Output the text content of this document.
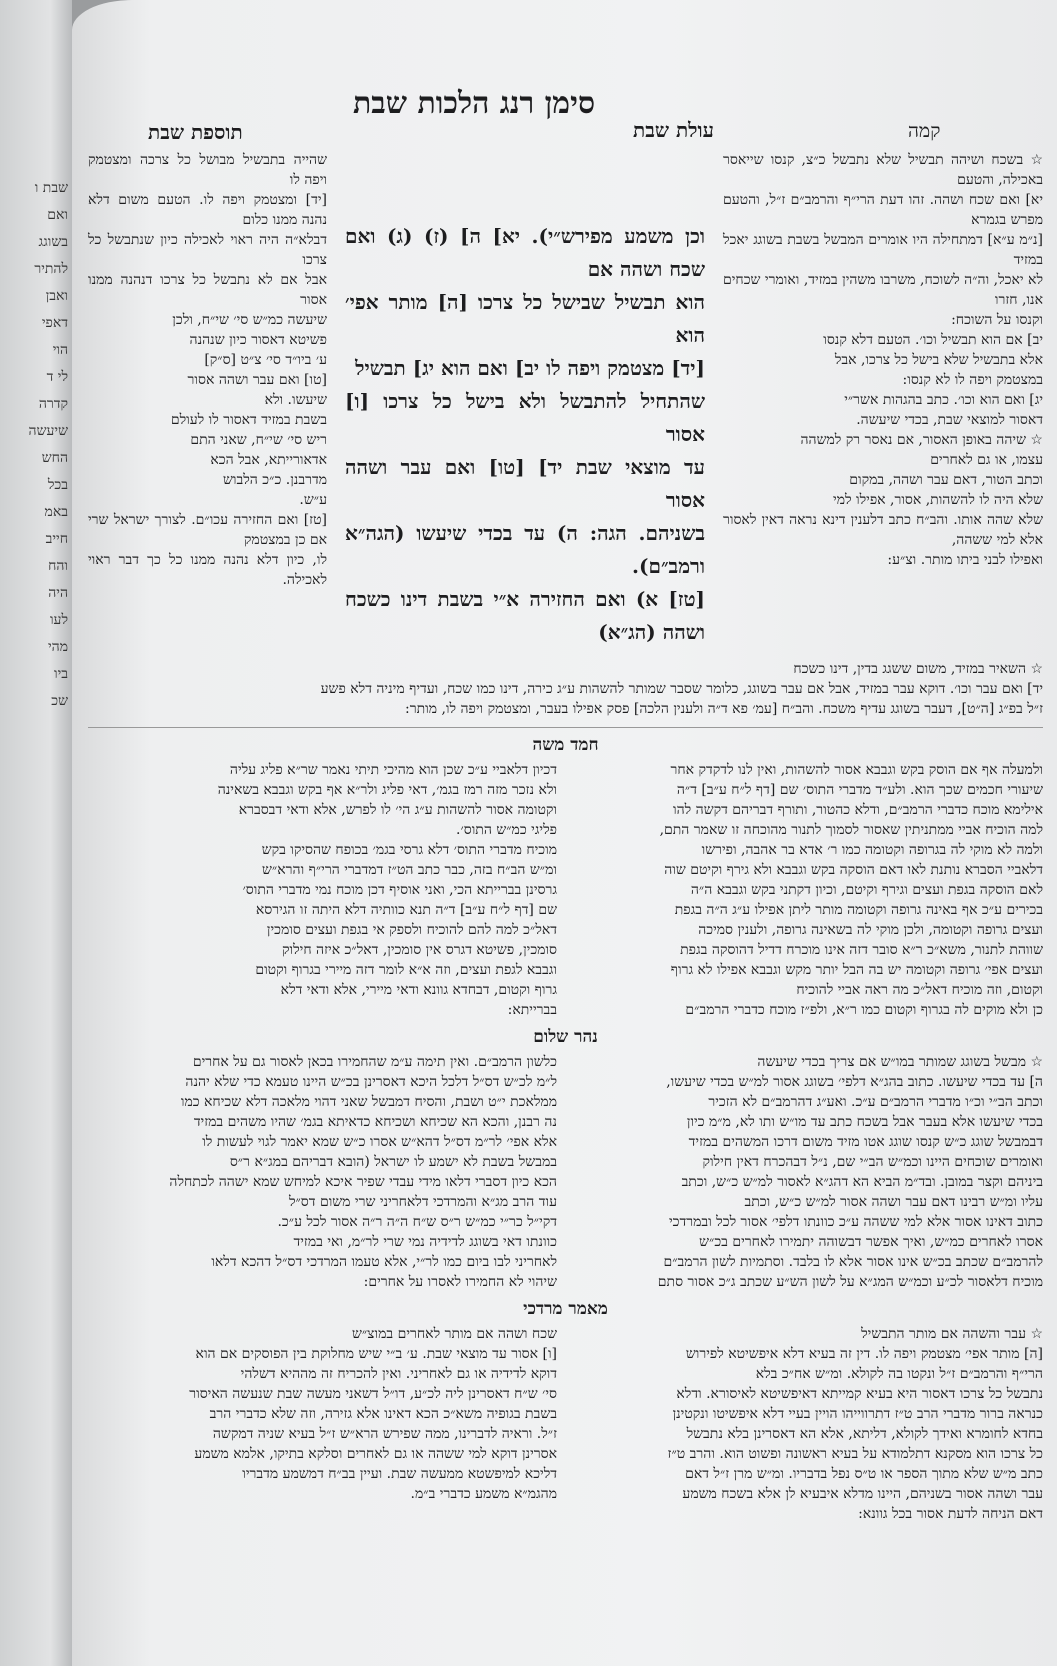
שבת ו
ואם
בשוגג
להתיר
ואבן
דאפי
הוי
לי ד
קדרה
שיעשה
החש
בכל
באמ
חייב
והח
היה
לעו
מהי
ביו
שכ
סימן רנג הלכות שבת
עולת שבת
תוספת שבת	קמה
☆ בשכח ושיהה תבשיל שלא נתבשל כ״צ, קנסו שייאסר באכילה, והטעם
יא] ואם שכח ושהה. זהו דעת הרי״ף והרמב״ם ז״ל, והטעם מפרש בגמרא
[נ״מ ע״א] דמתחילה היו אומרים המבשל בשבת בשוגג יאכל במזיד
לא יאכל, וה״ה לשוכח, משרבו משהין במזיד, ואומרי שכחים אנו, חזרו
וקנסו על השוכח:
יב] אם הוא תבשיל וכו׳. הטעם דלא קנסו
אלא בתבשיל שלא בישל כל צרכו, אבל
במצטמק ויפה לו לא קנסו:
יג] ואם הוא וכו׳. כתב בהגהות אשר״י
דאסור למוצאי שבת, בכדי שיעשה.
☆ שיהה באופן האסור, אם נאסר רק למשהה
עצמו, או גם לאחרים
וכתב הטור, דאם עבר ושהה, במקום
שלא היה לו להשהות, אסור, אפילו למי
שלא שהה אותו. והב״ח כתב דלענין דינא נראה דאין לאסור אלא למי ששהה,
ואפילו לבני ביתו מותר. וצ״ע:
וכן משמע מפירש״י). יא] ה] (ז) (ג) ואם שכח ושהה אם
הוא תבשיל שבישל כל צרכו [ה] מותר אפי׳ הוא
[יד] מצטמק ויפה לו יב] ואם הוא יג] תבשיל
שהתחיל להתבשל ולא בישל כל צרכו [ו] אסור
עד מוצאי שבת יד] [טו] ואם עבר ושהה אסור
בשניהם. הגה: ה) עד בכדי שיעשו (הגה״א ורמב״ם).
[טז] א) ואם החזירה א״י בשבת דינו כשכח ושהה (הג״א)
שהייה בתבשיל מבושל כל צרכה ומצטמק ויפה לו
[יד] ומצטמק ויפה לו. הטעם משום דלא נהנה ממנו כלום
דבלא״ה היה ראוי לאכילה כיון שנתבשל כל צרכו
אבל אם לא נתבשל כל צרכו דנהנה ממנו אסור
שיעשה כמ״ש סי׳ שי״ח, ולכן
פשיטא דאסור כיון שנהנה
ע׳ ביו״ד סי׳ צ״ט [ס״ק]
[טו] ואם עבר ושהה אסור
שיעשו. ולא
בשבת במזיד דאסור לו לעולם
ריש סי׳ שי״ח, שאני התם
אדאורייתא, אבל הכא
מדרבנן. כ״כ הלבוש
ע״ש.
[טז] ואם החזירה עכו״ם. לצורך ישראל שרי אם כן במצטמק
לו, כיון דלא נהנה ממנו כל כך דבר ראוי לאכילה.
☆ השאיר במזיד, משום ששגג בדין, דינו כשכח
יד] ואם עבר וכו׳. דוקא עבר במזיד, אבל אם עבר בשוגג, כלומר שסבר שמותר להשהות ע״ג כירה, דינו כמו שכח, ועדיף מיניה דלא פשע
ז״ל בפ״ג [ה״ט], דעבר בשוגג עדיף משכח. והב״ח [עמ׳ פא ד״ה ולענין הלכה] פסק אפילו בעבר, ומצטמק ויפה לו, מותר:
חמד משה
ולמעלה אף אם הוסק בקש וגבבא אסור להשהות, ואין לנו לדקדק אחר
שיעורי חכמים שכך הוא. ולע״ד מדברי התוס׳ שם [דף ל״ח ע״ב] ד״ה
אילימא מוכח כדברי הרמב״ם, ודלא כהטור, ותורף דבריהם דקשה להו
למה הוכיח אביי ממתניתין שאסור לסמוך לתנור מהוכחה זו שאמר התם,
ולמה לא מוקי לה בגרופה וקטומה כמו ר׳ אדא בר אהבה, ופירשו
דלאביי הסברא נותנת לאו דאם הוסקה בקש וגבבא ולא גירף וקיטם שוה
לאם הוסקה בגפת ועצים וגירף וקיטם, וכיון דקתני בקש וגבבא ה״ה
בכירים ע״כ אף באינה גרופה וקטומה מותר ליתן אפילו ע״ג ה״ה בגפת
ועצים גרופה וקטומה, ולכן מוקי לה בשאינה גרופה, ולענין סמיכה
שווהת לתנור, משא״כ ר״א סובר דזה אינו מוכרח דדיל דהוסקה בגפת
ועצים אפי׳ גרופה וקטומה יש בה הבל יותר מקש וגבבא אפילו לא גרוף
וקטום, וזה מוכיח דאל״כ מה ראה אביי להוכיח
כן ולא מוקים לה בגרוף וקטום כמו ר״א, ולפ״ז מוכח כדברי הרמב״ם
דכיון דלאביי ע״כ שכן הוא מהיכי תיתי נאמר שר״א פליג עליה
ולא נזכר מזה רמז בגמ׳, דאי פליג ולר״א אף בקש וגבבא בשאינה
וקטומה אסור להשהות ע״ג הי׳ לו לפרש, אלא ודאי דבסברא
פליגי כמ״ש התוס׳.
מוכיח מדברי התוס׳ דלא גרסי בגמ׳ בכופח שהסיקו בקש
ומ״ש הב״ח בזה, כבר כתב הט״ז דמדברי הרי״ף והרא״ש
גרסינן בברייתא הכי, ואני אוסיף דכן מוכח נמי מדברי התוס׳
שם [דף ל״ח ע״ב] ד״ה תנא כוותיה דלא היתה זו הגירסא
דאל״כ למה להם להוכיח ולספק אי בגפת ועצים סומכין
סומכין, פשיטא דגרס אין סומכין, דאל״כ איזה חילוק
וגבבא לגפת ועצים, וזה א״א לומר דזה מיירי בגרוף וקטום
גרוף וקטום, דבחדא גוונא ודאי מיירי, אלא ודאי דלא
בברייתא:
נהר שלום
☆ מבשל בשוגג שמותר במו״ש אם צריך בכדי שיעשה
ה] עד בכדי שיעשו. כתוב בהג״א דלפי׳ בשוגג אסור למ״ש בכדי שיעשו,
וכתב הב״י וכ״ו מדברי הרמב״ם ע״כ. ואע״ג דהרמב״ם לא הזכיר
בכדי שיעשו אלא בעבר אבל בשכח כתב עד מו״ש ותו לא, מ״מ כיון
דבמבשל שוגג כ״ש קנסו שוגג אטו מזיד משום דרכו המשהים במזיד
ואומרים שוכחים היינו וכמ״ש הב״י שם, נ״ל דבהכרח דאין חילוק
ביניהם וקצר במובן. ובד״מ הביא הא דהג״א לאסור למ״ש כ״ש, וכתב
עליו ומ״ש רבינו דאם עבר ושהה אסור למ״ש כ״ש, וכתב
כתוב דאינו אסור אלא למי ששהה ע״כ כוונתו דלפי׳ אסור לכל ובמרדכי
אסרו לאחרים כמ״ש, ואיך אפשר דבשוהה יתמירו לאחרים בכ״ש
להרמב״ם שכתב בכ״ש אינו אסור אלא לו בלבד. וסתמיות לשון הרמב״ם
מוכיח דלאסור לכ״ע וכמ״ש המג״א על לשון הש״ע שכתב ג״כ אסור סתם
כלשון הרמב״ם. ואין תימה ע״מ שהחמירו בכאן לאסור גם על אחרים
ל״מ לכ״ש דס״ל דלכל היכא דאסרינן בכ״ש היינו טעמא כדי שלא יהנה
ממלאכת י״ט ושבת, והסיח דמבשל שאני דהוי מלאכה דלא שכיחא כמו
נה רבנן, והכא הא שכיחא ושכיחא כדאיתא בגמ׳ שהיו משהים במזיד
אלא אפי׳ לר״מ דס״ל דהא״ש אסרו כ״ש שמא יאמר לגוי לעשות לו
במבשל בשבת לא ישמע לו ישראל (הובא דבריהם במג״א ר״ס
הכא כיון דסברי דלאו מידי עבדי שפיר איכא למיחש שמא ישהה לכתחלה
עוד הרב מג״א והמרדכי דלאחריני שרי משום דס״ל
דקי״ל כר״י כמ״ש ר״ס ש״ח ה״ה ר״ה אסור לכל ע״כ.
כוונתו דאי בשוגג לדידיה נמי שרי לר״מ, ואי במזיד
לאחריני לבו ביום כמו לר״י, אלא טעמו המרדכי דס״ל דהכא דלאו
שיהוי לא החמירו לאסרו על אחרים:
מאמר מרדכי
☆ עבר והשהה אם מותר התבשיל
[ה] מותר אפי׳ מצטמק ויפה לו. דין זה בעיא דלא איפשיטא לפירוש
הרי״ף והרמב״ם ז״ל ונקטו בה לקולא. ומ״ש אח״כ בלא
נתבשל כל צרכו דאסור היא בעיא קמייתא דאיפשיטא לאיסורא. ודלא
כנראה ברור מדברי הרב ט״ז דתרווייהו הויין בעיי דלא איפשיטו ונקטינן
בחדא לחומרא ואידך לקולא, דליתא, אלא הא דאסרינן בלא נתבשל
כל צרכו הוא מסקנא דתלמודא על בעיא ראשונה ופשוט הוא. והרב ט״ז
כתב מ״ש שלא מתוך הספר או ט״ס נפל בדבריו. ומ״ש מרן ז״ל דאם
עבר ושהה אסור בשניהם, היינו מדלא איבעיא לן אלא בשכח משמע
דאם הניחה לדעת אסור בכל גוונא:
שכח ושהה אם מותר לאחרים במוצ״ש
[ו] אסור עד מוצאי שבת. ע׳ ב״י שיש מחלוקת בין הפוסקים אם הוא
דוקא לדידיה או גם לאחריני. ואין להכריח זה מההיא דשלהי
סי׳ ש״ח דאסרינן ליה לכ״ע, דו״ל דשאני מעשה שבת שנעשה האיסור
בשבת בגופיה משא״כ הכא דאינו אלא גזירה, וזה שלא כדברי הרב
ז״ל. וראיה לדברינו, ממה שפירש הרא״ש ז״ל בעיא שניה דמקשה
אסרינן דוקא למי ששהה או גם לאחרים וסלקא בתיקו, אלמא משמע
דליכא למיפשטא ממעשה שבת. ועיין בב״ח דמשמע מדבריו
מהגמ״א משמע כדברי ב״מ.
